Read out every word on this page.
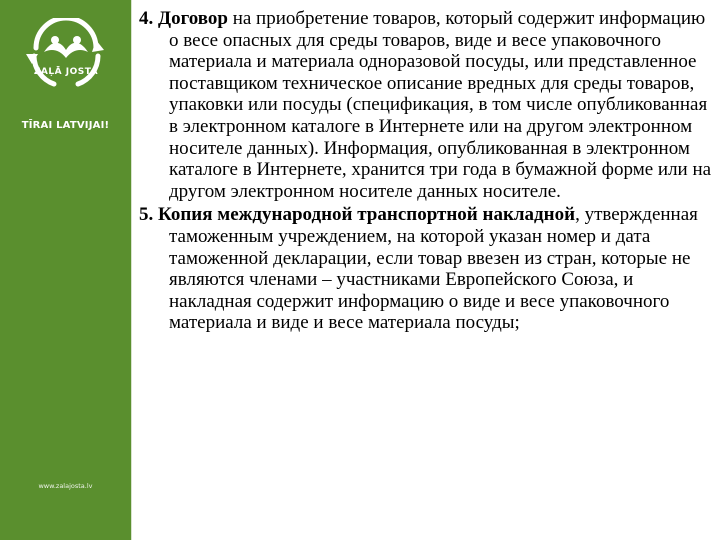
ZAĻĀ JOSTA
TĪRAI LATVIJAI!
www.zalajosta.lv

4. Договор на приобретение товаров, который содержит информацию о весе опасных для среды товаров, виде и весе упаковочного материала и материала одноразовой посуды, или представленное поставщиком техническое описание вредных для среды товаров, упаковки или посуды (спецификация, в том числе опубликованная в электронном каталоге в Интернете или на другом электронном носителе данных). Информация, опубликованная в электронном каталоге в Интернете, хранится три года в бумажной форме или на другом электронном носителе данных носителе.

5. Копия международной транспортной накладной, утвержденная таможенным учреждением, на которой указан номер и дата таможенной декларации, если товар ввезен из стран, которые не являются членами – участниками Европейского Союза, и накладная содержит информацию о виде и весе упаковочного материала и виде и весе материала посуды;
